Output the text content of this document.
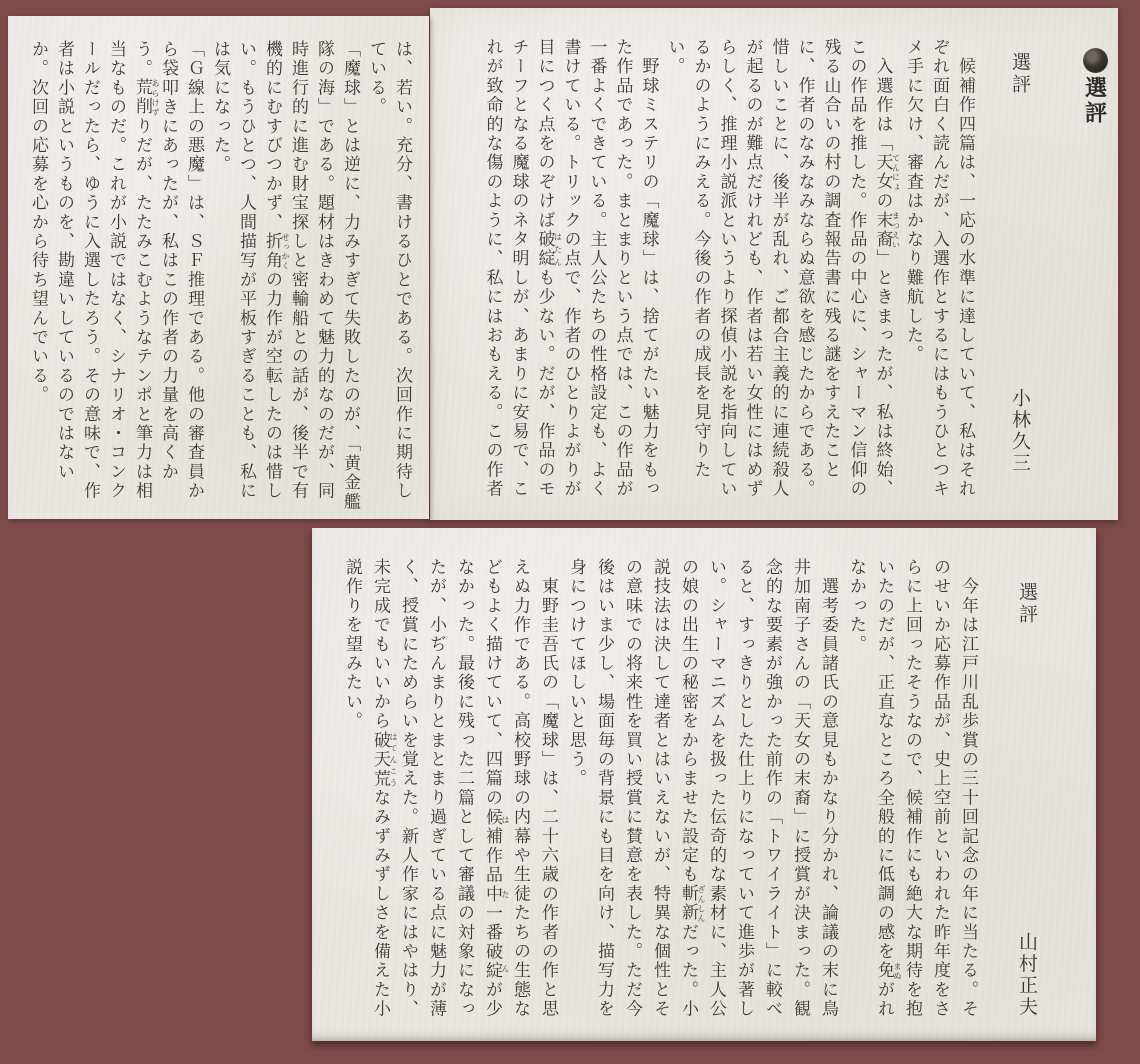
は、若い。充分、書けるひとである。次回作に期待している。

「魔球」とは逆に、力みすぎて失敗したのが、「黄金艦隊の海」である。題材はきわめて魅力的なのだが、同時進行的に進む財宝探しと密輸船との話が、後半で有機的にむすびつかず、折角 せっかくの力作が空転したのは惜しい。もうひとつ、人間描写が平板すぎることも、私には気になった。

「Ｇ線上の悪魔」は、ＳＦ推理である。他の審査員から袋叩きにあったが、私はこの作者の力量を高くかう。荒削 あらけずりだが、たたみこむようなテンポと筆力は相当なものだ。これが小説ではなく、シナリオ・コンクールだったら、ゆうに入選したろう。その意味で、作者は小説というものを、勘違いしているのではないか。次回の応募を心から待ち望んでいる。	選評
選評 小林久三

　候補作四篇は、一応の水準に達していて、私はそれぞれ面白く読んだが、入選作とするにはもうひとつキメ手に欠け、審査はかなり難航した。

　入選作は「天女 てんにょの末裔 まつえい」ときまったが、私は終始、この作品を推した。作品の中心に、シャーマン信仰の残る山合いの村の調査報告書に残る謎をすえたことに、作者のなみなみならぬ意欲を感じたからである。惜しいことに、後半が乱れ、ご都合主義的に連続殺人が起るのが難点だけれども、作者は若い女性にはめずらしく、推理小説派というより探偵小説を指向しているかのようにみえる。今後の作者の成長を見守りたい。

　野球ミステリの「魔球」は、捨てがたい魅力をもった作品であった。まとまりという点では、この作品が一番よくできている。主人公たちの性格設定も、よく書けている。トリックの点で、作者のひとりよがりが目につく点をのぞけば破綻 はたんも少ない。だが、作品のモチーフとなる魔球のネタ明しが、あまりに安易で、これが致命的な傷のように、私にはおもえる。この作者

選評 山村正夫

　今年は江戸川乱歩賞の三十回記念の年に当たる。そのせいか応募作品が、史上空前といわれた昨年度をさらに上回ったそうなので、候補作にも絶大な期待を抱いたのだが、正直なところ全般的に低調の感を免 まぬがれなかった。

　選考委員諸氏の意見もかなり分かれ、論議の末に鳥井加南子さんの「天女の末裔」に授賞が決まった。観念的な要素が強かった前作の「トワイライト」に較べると、すっきりとした仕上りになっていて進歩が著しい。シャーマニズムを扱った伝奇的な素材に、主人公の娘の出生の秘密をからませた設定も斬新 ざんしんだった。小説技法は決して達者とはいえないが、特異な個性とその意味での将来性を買い授賞に賛意を表した。ただ今後はいま少し、場面毎の背景にも目を向け、描写力を身につけてほしいと思う。

　東野圭吾氏の「魔球」は、二十六歳の作者の作と思えぬ力作である。高校野球の内幕や生徒たちの生態などもよく描けていて、四篇の候補作品中一番破綻 はたんが少なかった。最後に残った二篇として審議の対象になったが、小ぢんまりとまとまり過ぎている点に魅力が薄く、授賞にためらいを覚えた。新人作家にはやはり、未完成でもいいから破天荒 はてんこうなみずみずしさを備えた小説作りを望みたい。
